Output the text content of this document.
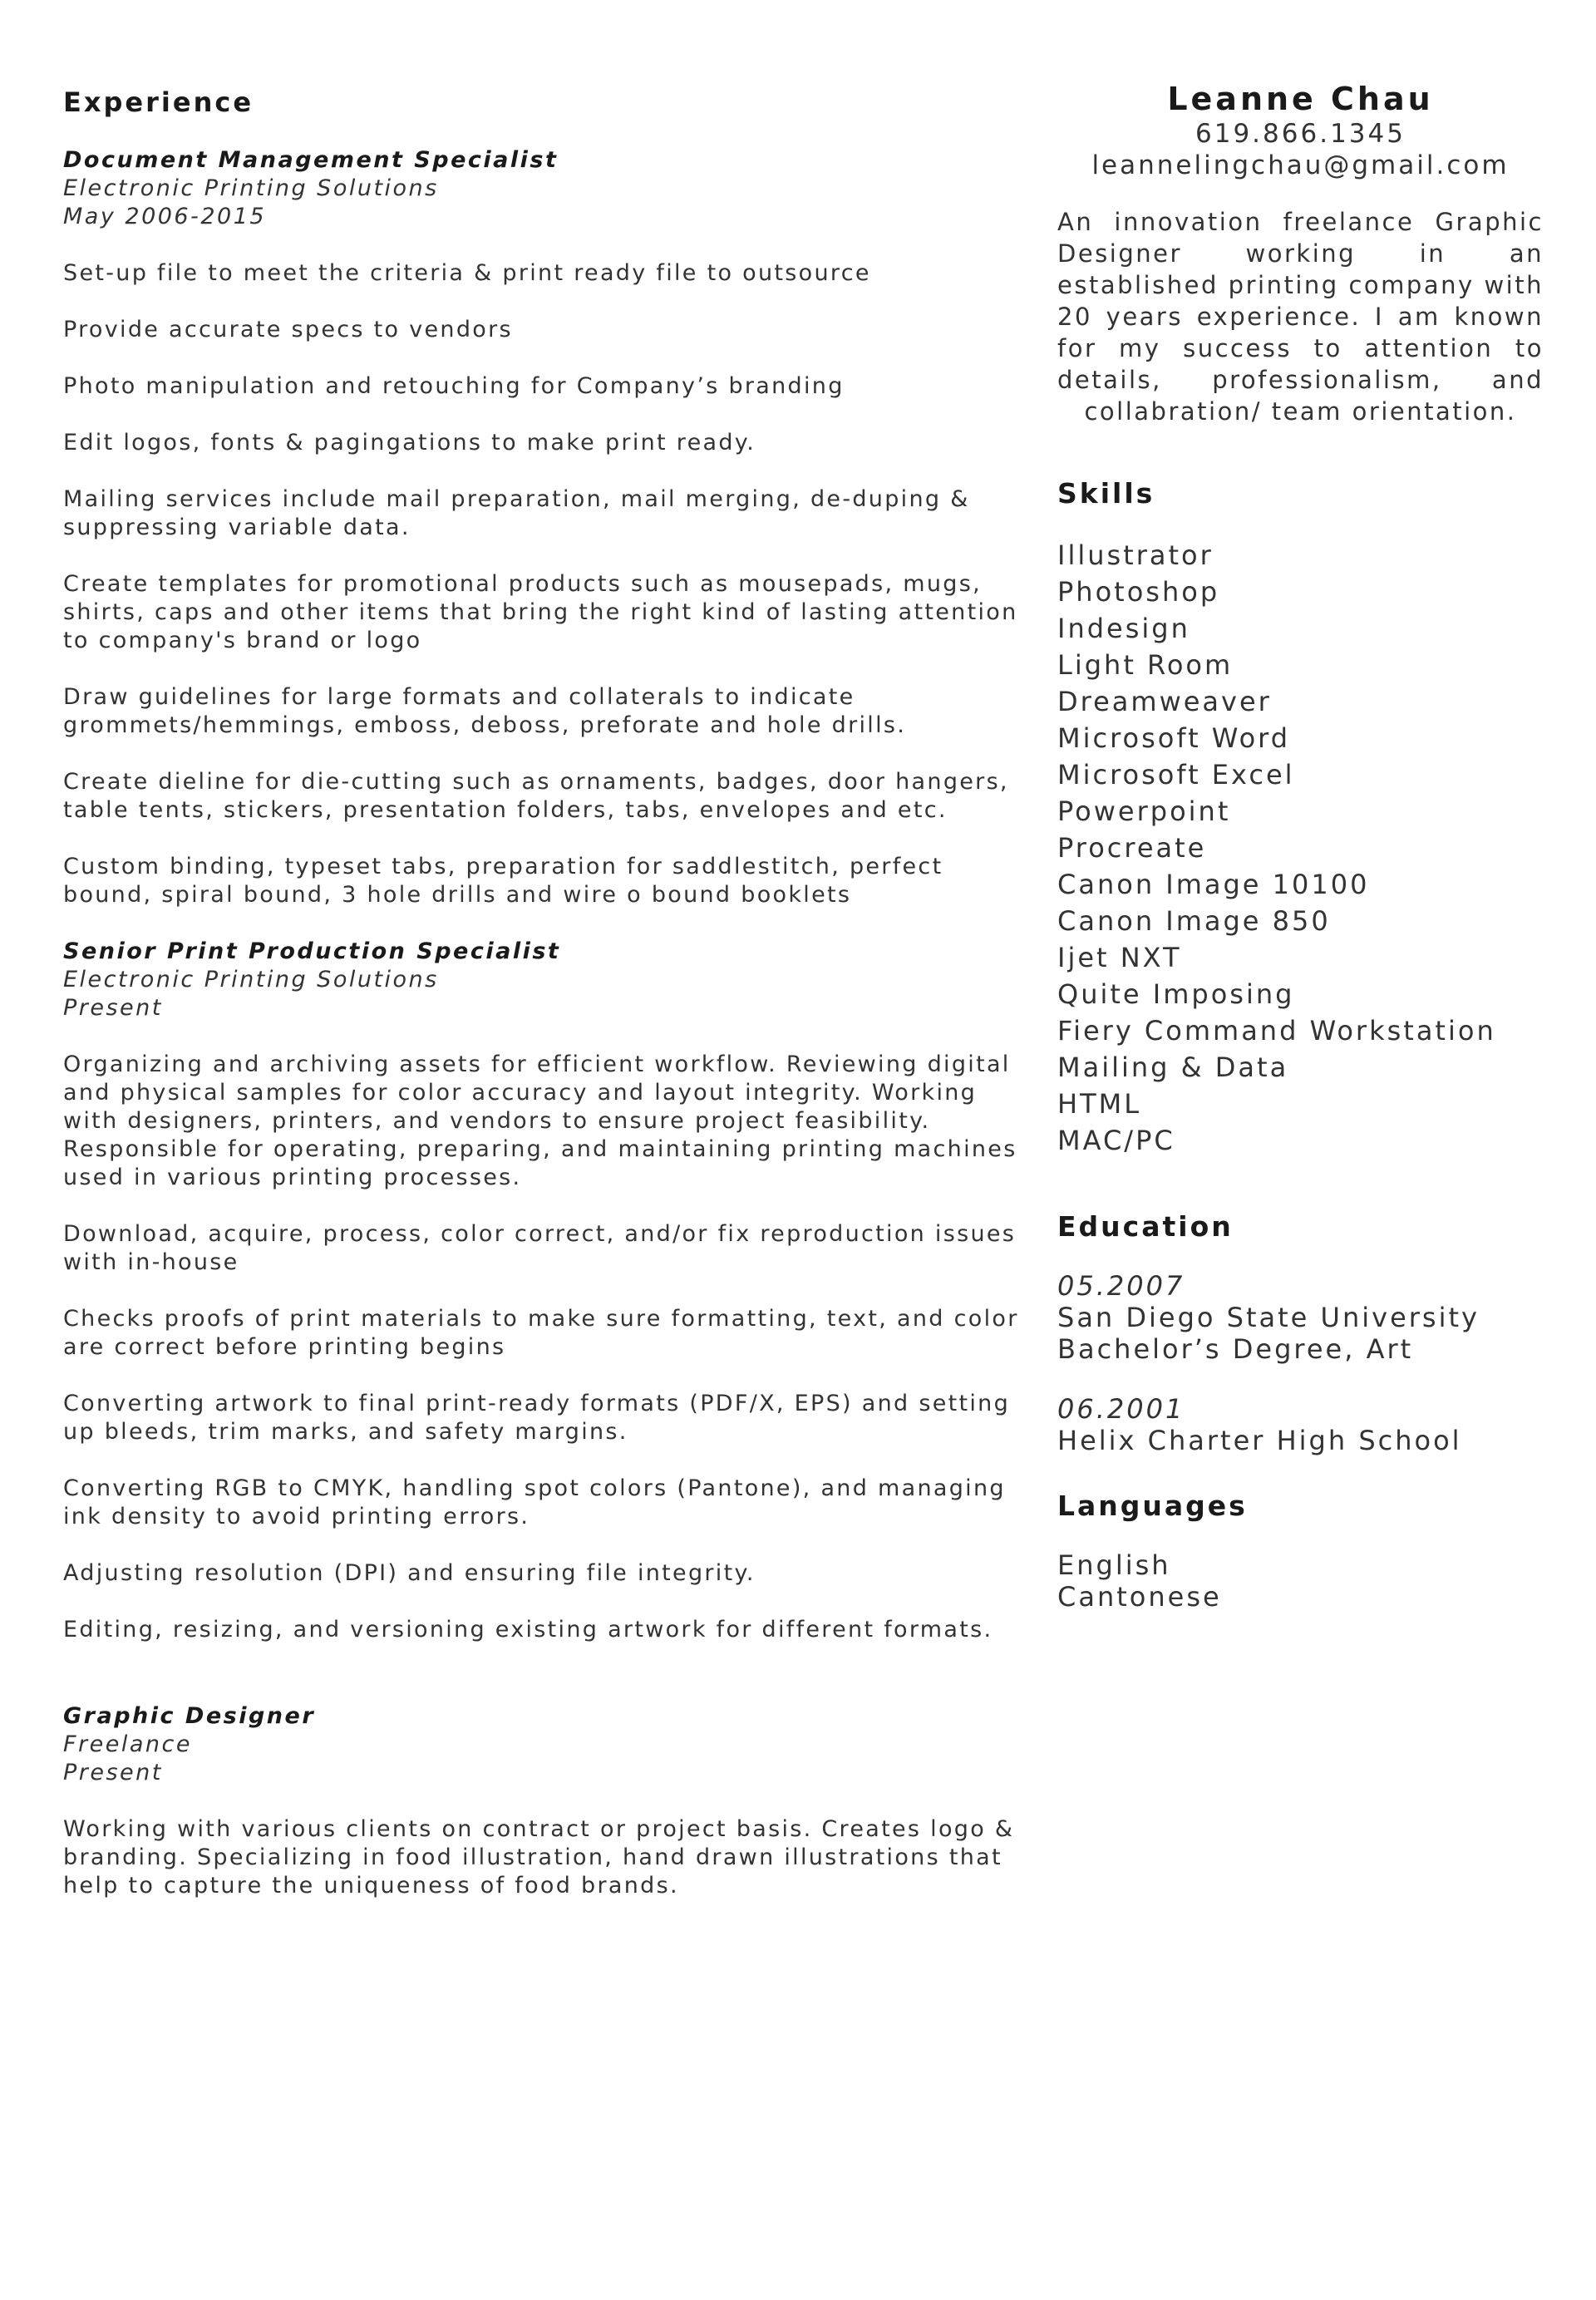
Experience
Document Management Specialist
Electronic Printing Solutions
May 2006-2015
Set-up file to meet the criteria & print ready file to outsource
Provide accurate specs to vendors
Photo manipulation and retouching for Company’s branding
Edit logos, fonts & pagingations to make print ready.
Mailing services include mail preparation, mail merging, de-duping & suppressing variable data.
Create templates for promotional products such as mousepads, mugs, shirts, caps and other items that bring the right kind of lasting attention to company's brand or logo
Draw guidelines for large formats and collaterals to indicate grommets/hemmings, emboss, deboss, preforate and hole drills.
Create dieline for die-cutting such as ornaments, badges, door hangers, table tents, stickers, presentation folders, tabs, envelopes and etc.
Custom binding, typeset tabs, preparation for saddlestitch, perfect bound, spiral bound, 3 hole drills and wire o bound booklets
Senior Print Production Specialist
Electronic Printing Solutions
Present
Organizing and archiving assets for efficient workflow. Reviewing digital and physical samples for color accuracy and layout integrity. Working with designers, printers, and vendors to ensure project feasibility. Responsible for operating, preparing, and maintaining printing machines used in various printing processes.
Download, acquire, process, color correct, and/or fix reproduction issues with in-house
Checks proofs of print materials to make sure formatting, text, and color are correct before printing begins
Converting artwork to final print-ready formats (PDF/X, EPS) and setting up bleeds, trim marks, and safety margins.
Converting RGB to CMYK, handling spot colors (Pantone), and managing ink density to avoid printing errors.
Adjusting resolution (DPI) and ensuring file integrity.
Editing, resizing, and versioning existing artwork for different formats.
Graphic Designer
Freelance
Present
Working with various clients on contract or project basis. Creates logo & branding. Specializing in food illustration, hand drawn illustrations that help to capture the uniqueness of food brands.
Leanne Chau
619.866.1345
leannelingchau@gmail.com
An innovation freelance Graphic Designer working in an established printing company with 20 years experience. I am known for my success to attention to details, professionalism, and collabration/ team orientation.
Skills
Illustrator
Photoshop
Indesign
Light Room
Dreamweaver
Microsoft Word
Microsoft Excel
Powerpoint
Procreate
Canon Image 10100
Canon Image 850
Ijet NXT
Quite Imposing
Fiery Command Workstation
Mailing & Data
HTML
MAC/PC
Education
05.2007
San Diego State University
Bachelor’s Degree, Art
06.2001
Helix Charter High School
Languages
English
Cantonese
